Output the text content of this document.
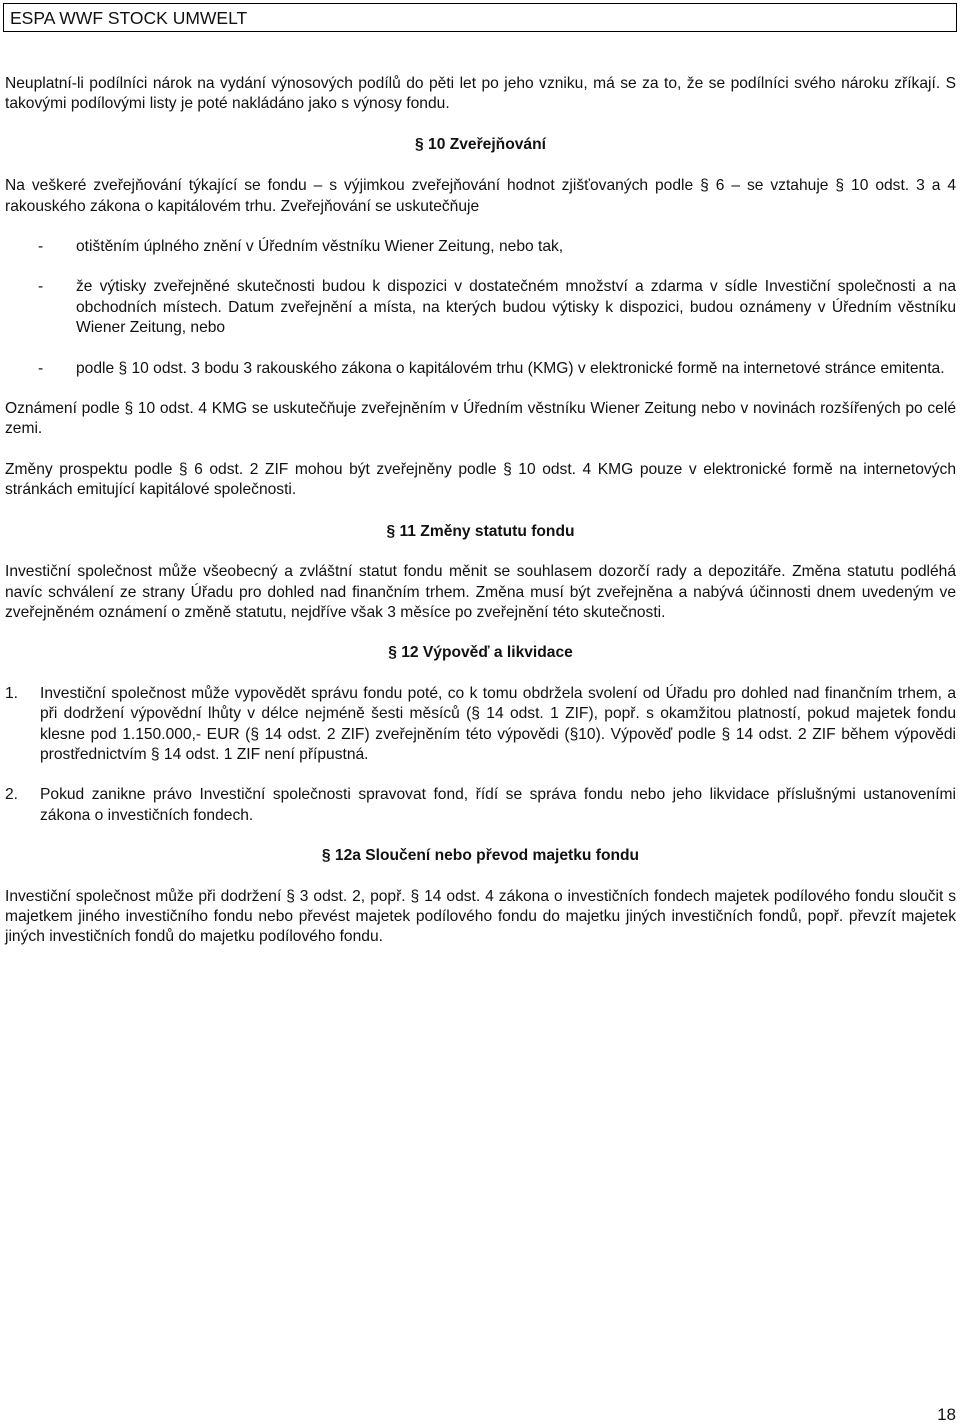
ESPA WWF STOCK UMWELT

Neuplatní-li podílníci nárok na vydání výnosových podílů do pěti let po jeho vzniku, má se za to, že se podílníci svého nároku zříkají. S takovými podílovými listy je poté nakládáno jako s výnosy fondu.

§ 10 Zveřejňování

Na veškeré zveřejňování týkající se fondu – s výjimkou zveřejňování hodnot zjišťovaných podle § 6 – se vztahuje § 10 odst. 3 a 4 rakouského zákona o kapitálovém trhu. Zveřejňování se uskutečňuje

- otištěním úplného znění v Úředním věstníku Wiener Zeitung, nebo tak,
- že výtisky zveřejněné skutečnosti budou k dispozici v dostatečném množství a zdarma v sídle Investiční společnosti a na obchodních místech. Datum zveřejnění a místa, na kterých budou výtisky k dispozici, budou oznámeny v Úředním věstníku Wiener Zeitung, nebo
- podle § 10 odst. 3 bodu 3 rakouského zákona o kapitálovém trhu (KMG) v elektronické formě na internetové stránce emitenta.

Oznámení podle § 10 odst. 4 KMG se uskutečňuje zveřejněním v Úředním věstníku Wiener Zeitung nebo v novinách rozšířených po celé zemi.

Změny prospektu podle § 6 odst. 2 ZIF mohou být zveřejněny podle § 10 odst. 4 KMG pouze v elektronické formě na internetových stránkách emitující kapitálové společnosti.

§ 11 Změny statutu fondu

Investiční společnost může všeobecný a zvláštní statut fondu měnit se souhlasem dozorčí rady a depozitáře. Změna statutu podléhá navíc schválení ze strany Úřadu pro dohled nad finančním trhem. Změna musí být zveřejněna a nabývá účinnosti dnem uvedeným ve zveřejněném oznámení o změně statutu, nejdříve však 3 měsíce po zveřejnění této skutečnosti.

§ 12 Výpověď a likvidace

1. Investiční společnost může vypovědět správu fondu poté, co k tomu obdržela svolení od Úřadu pro dohled nad finančním trhem, a při dodržení výpovědní lhůty v délce nejméně šesti měsíců (§ 14 odst. 1 ZIF), popř. s okamžitou platností, pokud majetek fondu klesne pod 1.150.000,- EUR (§ 14 odst. 2 ZIF) zveřejněním této výpovědi (§10). Výpověď podle § 14 odst. 2 ZIF během výpovědi prostřednictvím § 14 odst. 1 ZIF není přípustná.
2. Pokud zanikne právo Investiční společnosti spravovat fond, řídí se správa fondu nebo jeho likvidace příslušnými ustanoveními zákona o investičních fondech.

§ 12a Sloučení nebo převod majetku fondu

Investiční společnost může při dodržení § 3 odst. 2, popř. § 14 odst. 4 zákona o investičních fondech majetek podílového fondu sloučit s majetkem jiného investičního fondu nebo převést majetek podílového fondu do majetku jiných investičních fondů, popř. převzít majetek jiných investičních fondů do majetku podílového fondu.

18
